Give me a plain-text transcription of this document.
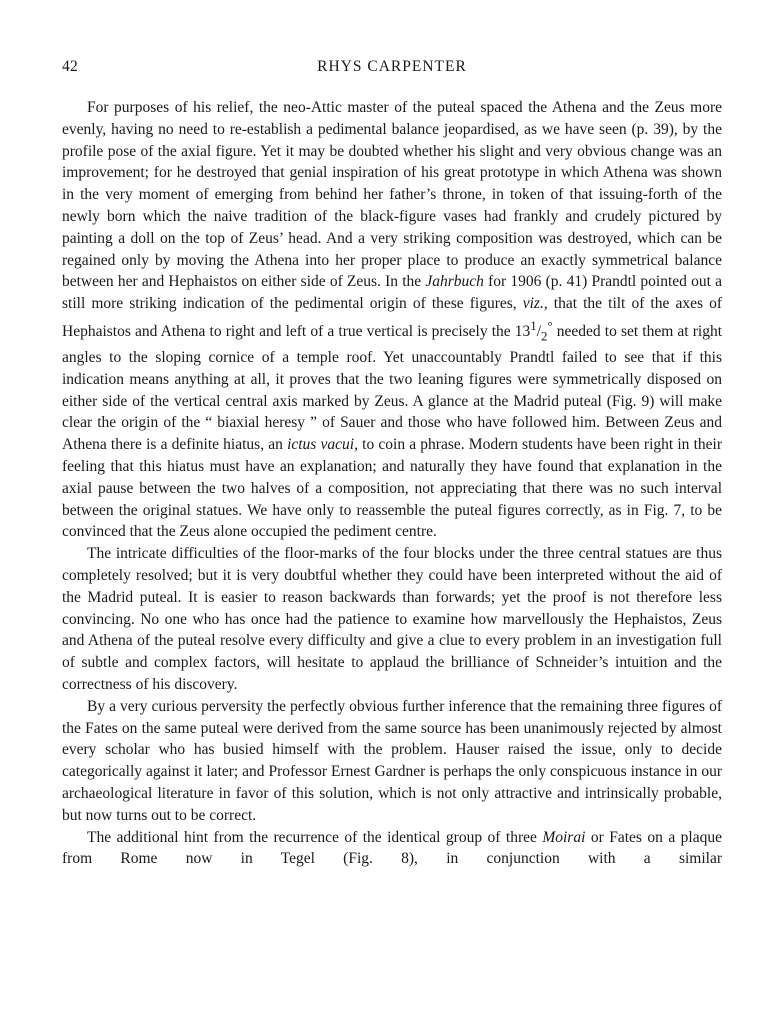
42	RHYS CARPENTER

For purposes of his relief, the neo-Attic master of the puteal spaced the Athena and the Zeus more evenly, having no need to re-establish a pedimental balance jeopardised, as we have seen (p. 39), by the profile pose of the axial figure. Yet it may be doubted whether his slight and very obvious change was an improvement; for he destroyed that genial inspiration of his great prototype in which Athena was shown in the very moment of emerging from behind her father’s throne, in token of that issuing-forth of the newly born which the naive tradition of the black-figure vases had frankly and crudely pictured by painting a doll on the top of Zeus’ head. And a very striking composition was destroyed, which can be regained only by moving the Athena into her proper place to produce an exactly symmetrical balance between her and Hephaistos on either side of Zeus. In the Jahrbuch for 1906 (p. 41) Prandtl pointed out a still more striking indication of the pedimental origin of these figures, viz., that the tilt of the axes of Hephaistos and Athena to right and left of a true vertical is precisely the $13^1/_2^\circ$ needed to set them at right angles to the sloping cornice of a temple roof. Yet unaccountably Prandtl failed to see that if this indication means anything at all, it proves that the two leaning figures were symmetrically disposed on either side of the vertical central axis marked by Zeus. A glance at the Madrid puteal (Fig. 9) will make clear the origin of the “ biaxial heresy ” of Sauer and those who have followed him. Between Zeus and Athena there is a definite hiatus, an ictus vacui, to coin a phrase. Modern students have been right in their feeling that this hiatus must have an explanation; and naturally they have found that explanation in the axial pause between the two halves of a composition, not appreciating that there was no such interval between the original statues. We have only to reassemble the puteal figures correctly, as in Fig. 7, to be convinced that the Zeus alone occupied the pediment centre.

The intricate difficulties of the floor-marks of the four blocks under the three central statues are thus completely resolved; but it is very doubtful whether they could have been interpreted without the aid of the Madrid puteal. It is easier to reason backwards than forwards; yet the proof is not therefore less convincing. No one who has once had the patience to examine how marvellously the Hephaistos, Zeus and Athena of the puteal resolve every difficulty and give a clue to every problem in an investigation full of subtle and complex factors, will hesitate to applaud the brilliance of Schneider’s intuition and the correctness of his discovery.

By a very curious perversity the perfectly obvious further inference that the remaining three figures of the Fates on the same puteal were derived from the same source has been unanimously rejected by almost every scholar who has busied himself with the problem. Hauser raised the issue, only to decide categorically against it later; and Professor Ernest Gardner is perhaps the only conspicuous instance in our archaeological literature in favor of this solution, which is not only attractive and intrinsically probable, but now turns out to be correct.

The additional hint from the recurrence of the identical group of three Moirai or Fates on a plaque from Rome now in Tegel (Fig. 8), in conjunction with a similar
